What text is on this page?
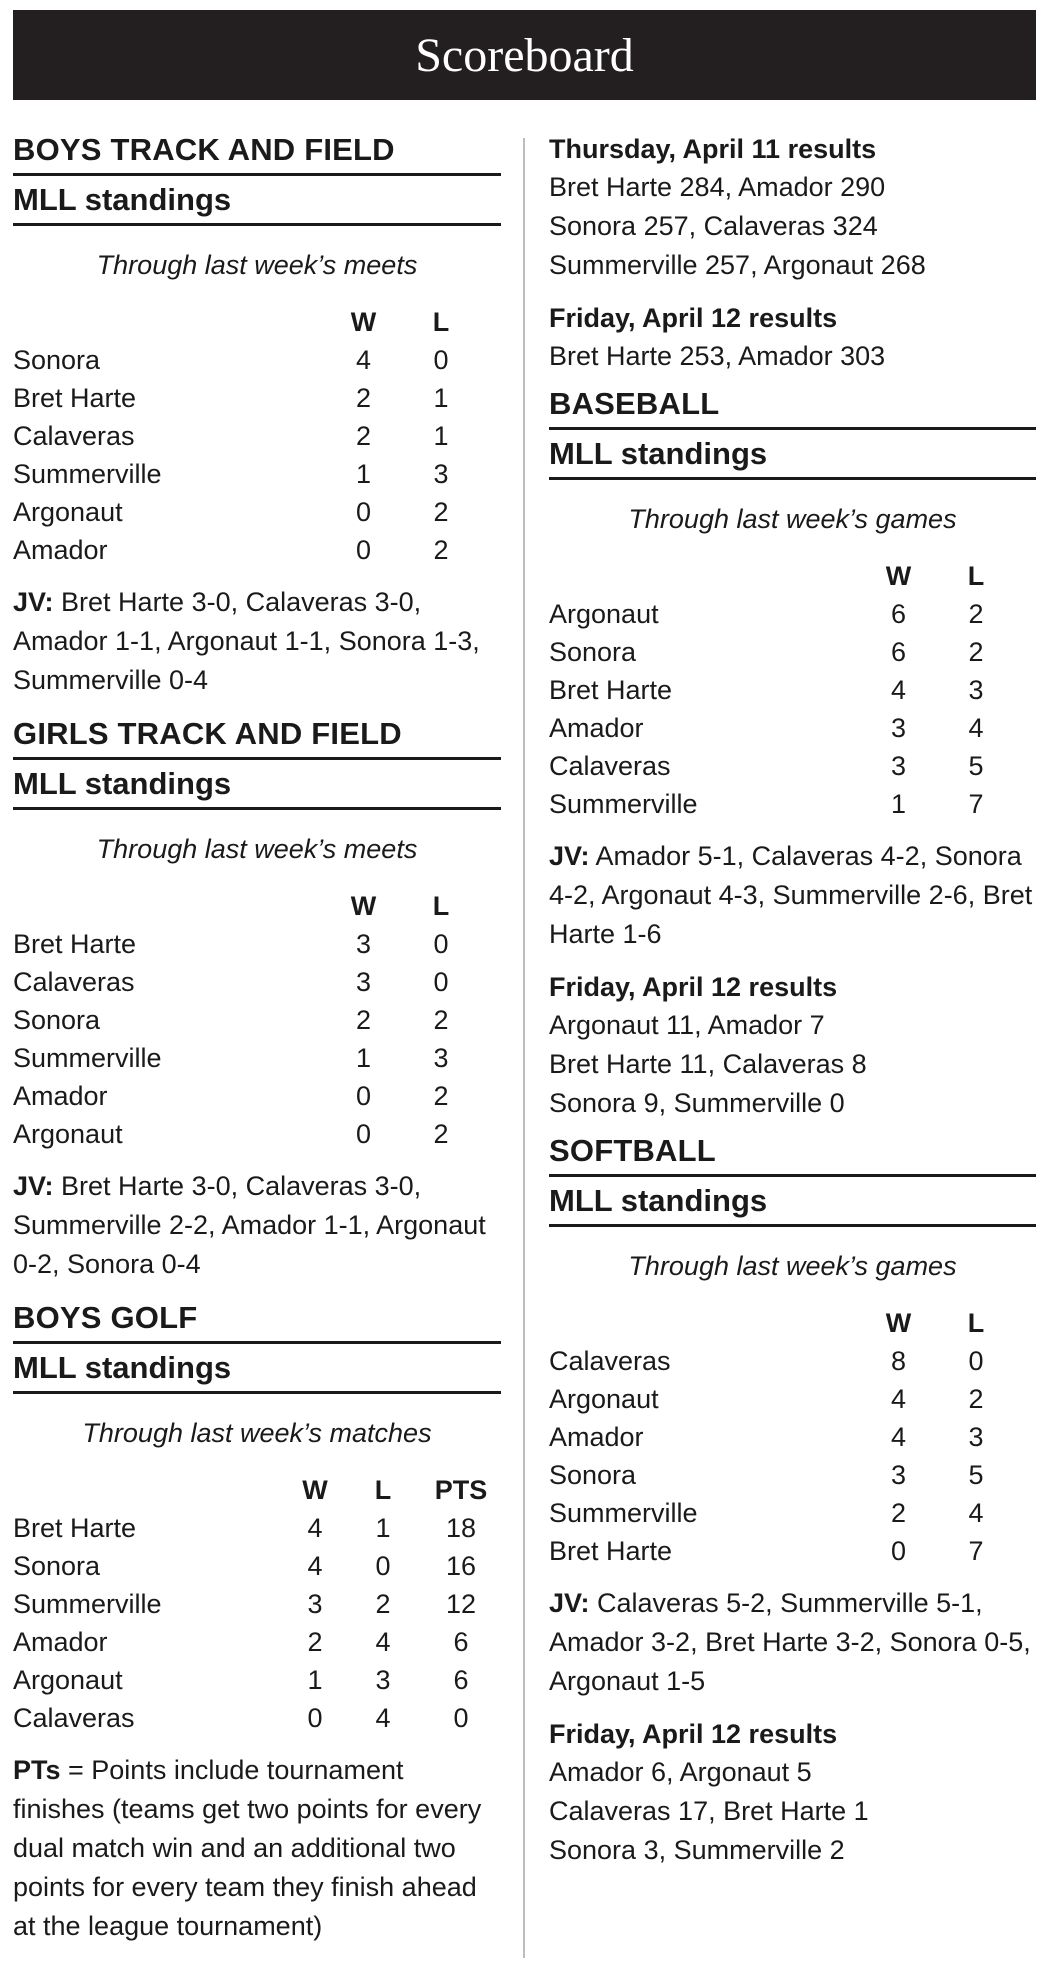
Scoreboard
BOYS TRACK AND FIELD
MLL standings
Through last week’s meets
W	L
Sonora	4	0
Bret Harte	2	1
Calaveras	2	1
Summerville	1	3
Argonaut	0	2
Amador	0	2
JV: Bret Harte 3-0, Calaveras 3-0, Amador 1-1, Argonaut 1-1, Sonora 1-3, Summerville 0-4
GIRLS TRACK AND FIELD
MLL standings
Through last week’s meets
W	L
Bret Harte	3	0
Calaveras	3	0
Sonora	2	2
Summerville	1	3
Amador	0	2
Argonaut	0	2
JV: Bret Harte 3-0, Calaveras 3-0, Summerville 2-2, Amador 1-1, Argonaut 0-2, Sonora 0-4
BOYS GOLF
MLL standings
Through last week’s matches
W	L	PTS
Bret Harte	4	1	18
Sonora	4	0	16
Summerville	3	2	12
Amador	2	4	6
Argonaut	1	3	6
Calaveras	0	4	0
PTs = Points include tournament finishes (teams get two points for every dual match win and an additional two points for every team they finish ahead at the league tournament)
Thursday, April 11 results
Bret Harte 284, Amador 290
Sonora 257, Calaveras 324
Summerville 257, Argonaut 268
Friday, April 12 results
Bret Harte 253, Amador 303
BASEBALL
MLL standings
Through last week’s games
W	L
Argonaut	6	2
Sonora	6	2
Bret Harte	4	3
Amador	3	4
Calaveras	3	5
Summerville	1	7
JV: Amador 5-1, Calaveras 4-2, Sonora 4-2, Argonaut 4-3, Summerville 2-6, Bret Harte 1-6
Friday, April 12 results
Argonaut 11, Amador 7
Bret Harte 11, Calaveras 8
Sonora 9, Summerville 0
SOFTBALL
MLL standings
Through last week’s games
W	L
Calaveras	8	0
Argonaut	4	2
Amador	4	3
Sonora	3	5
Summerville	2	4
Bret Harte	0	7
JV: Calaveras 5-2, Summerville 5-1, Amador 3-2, Bret Harte 3-2, Sonora 0-5, Argonaut 1-5
Friday, April 12 results
Amador 6, Argonaut 5
Calaveras 17, Bret Harte 1
Sonora 3, Summerville 2
